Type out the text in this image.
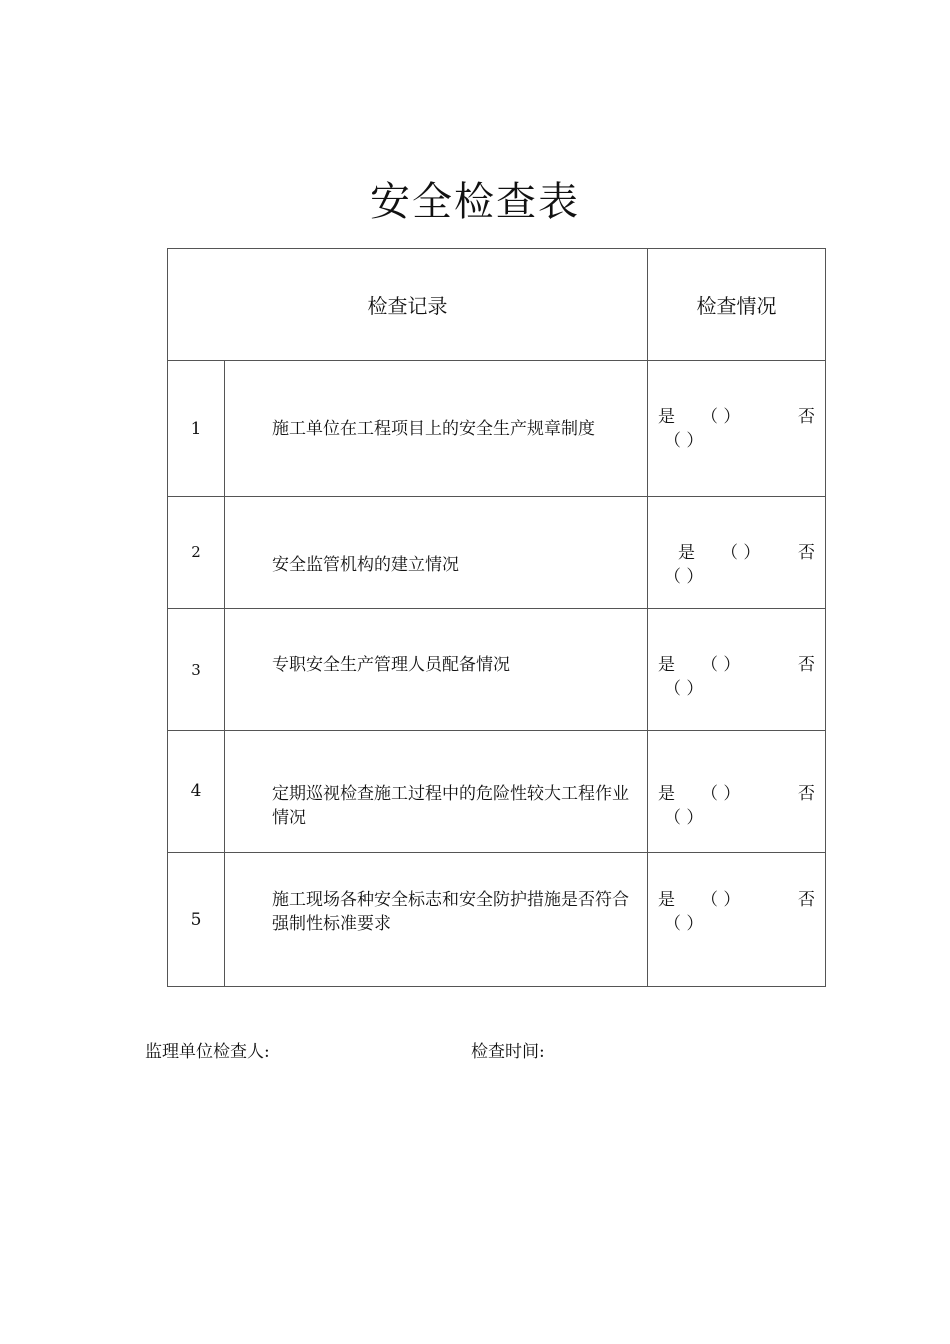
安全检查表
检查记录		检查情况
1	施工单位在工程项目上的安全生产规章制度	是 （ ） 否
（ ）

2	安全监管机构的建立情况	是 （ ） 否
（ ）

3	专职安全生产管理人员配备情况	是 （ ） 否
（ ）

4	定期巡视检查施工过程中的危险性较大工程作业情况	是 （ ） 否
（ ）

5	施工现场各种安全标志和安全防护措施是否符合强制性标准要求	是 （ ） 否
（ ）
监理单位检查人:	检查时间:
